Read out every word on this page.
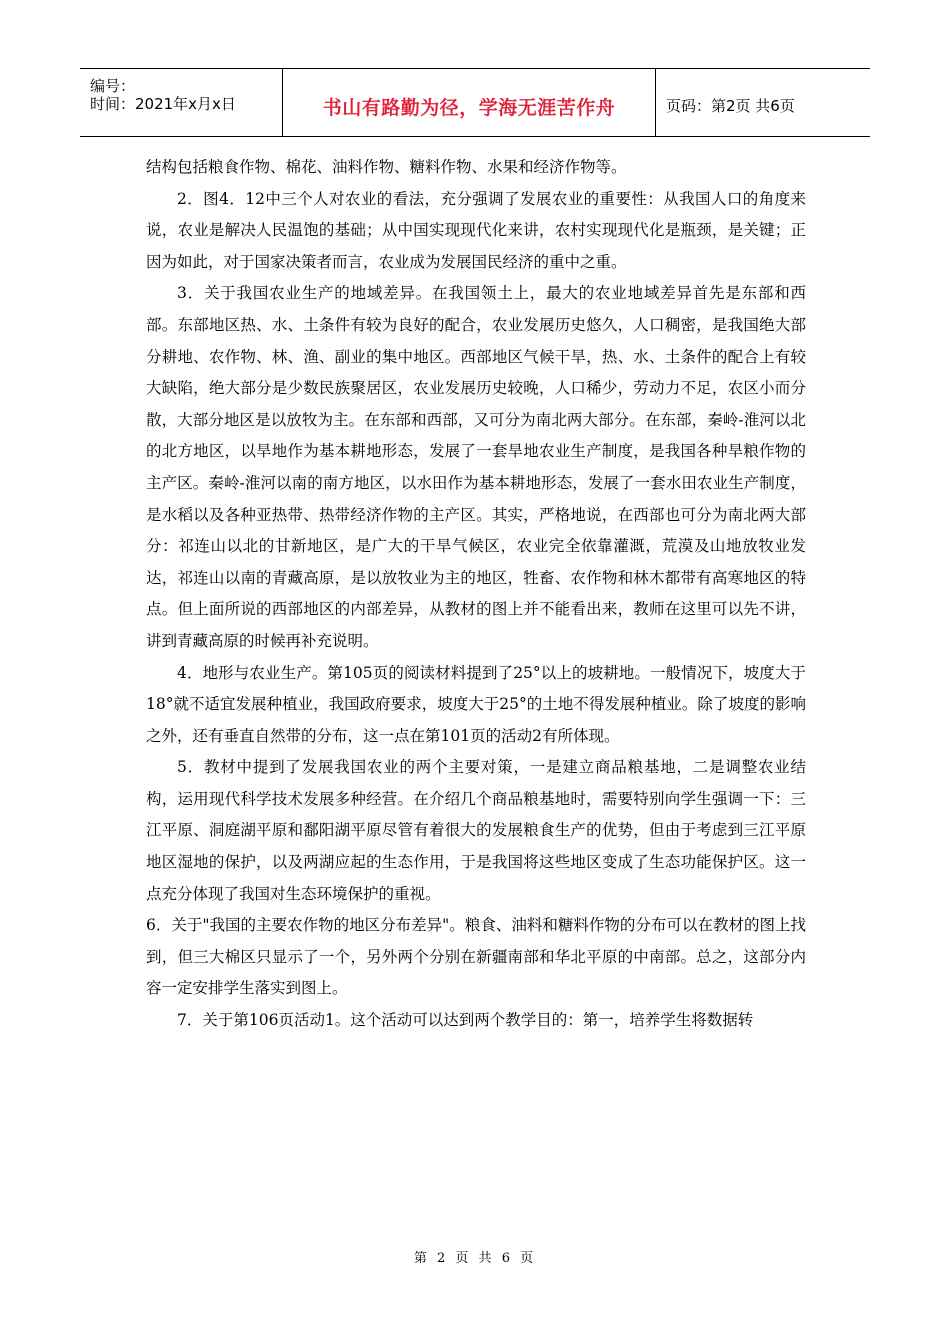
编号：
时间：2021年x月x日	书山有路勤为径，学海无涯苦作舟	页码：第2页 共6页

结构包括粮食作物、棉花、油料作物、糖料作物、水果和经济作物等。

2．图4．12中三个人对农业的看法，充分强调了发展农业的重要性：从我国人口的角度来说，农业是解决人民温饱的基础；从中国实现现代化来讲，农村实现现代化是瓶颈，是关键；正因为如此，对于国家决策者而言，农业成为发展国民经济的重中之重。

3．关于我国农业生产的地域差异。在我国领土上，最大的农业地域差异首先是东部和西部。东部地区热、水、土条件有较为良好的配合，农业发展历史悠久，人口稠密，是我国绝大部分耕地、农作物、林、渔、副业的集中地区。西部地区气候干旱，热、水、土条件的配合上有较大缺陷，绝大部分是少数民族聚居区，农业发展历史较晚，人口稀少，劳动力不足，农区小而分散，大部分地区是以放牧为主。在东部和西部，又可分为南北两大部分。在东部，秦岭-淮河以北的北方地区，以旱地作为基本耕地形态，发展了一套旱地农业生产制度，是我国各种旱粮作物的主产区。秦岭-淮河以南的南方地区，以水田作为基本耕地形态，发展了一套水田农业生产制度，是水稻以及各种亚热带、热带经济作物的主产区。其实，严格地说，在西部也可分为南北两大部分：祁连山以北的甘新地区，是广大的干旱气候区，农业完全依靠灌溉，荒漠及山地放牧业发达，祁连山以南的青藏高原，是以放牧业为主的地区，牲畜、农作物和林木都带有高寒地区的特点。但上面所说的西部地区的内部差异，从教材的图上并不能看出来，教师在这里可以先不讲，讲到青藏高原的时候再补充说明。

4．地形与农业生产。第105页的阅读材料提到了25°以上的坡耕地。一般情况下，坡度大于18°就不适宜发展种植业，我国政府要求，坡度大于25°的土地不得发展种植业。除了坡度的影响之外，还有垂直自然带的分布，这一点在第101页的活动2有所体现。

5．教材中提到了发展我国农业的两个主要对策，一是建立商品粮基地，二是调整农业结构，运用现代科学技术发展多种经营。在介绍几个商品粮基地时，需要特别向学生强调一下：三江平原、洞庭湖平原和鄱阳湖平原尽管有着很大的发展粮食生产的优势，但由于考虑到三江平原地区湿地的保护，以及两湖应起的生态作用，于是我国将这些地区变成了生态功能保护区。这一点充分体现了我国对生态环境保护的重视。

6．关于"我国的主要农作物的地区分布差异"。粮食、油料和糖料作物的分布可以在教材的图上找到，但三大棉区只显示了一个，另外两个分别在新疆南部和华北平原的中南部。总之，这部分内容一定安排学生落实到图上。

7．关于第106页活动1。这个活动可以达到两个教学目的：第一，培养学生将数据转

第 2 页 共 6 页
